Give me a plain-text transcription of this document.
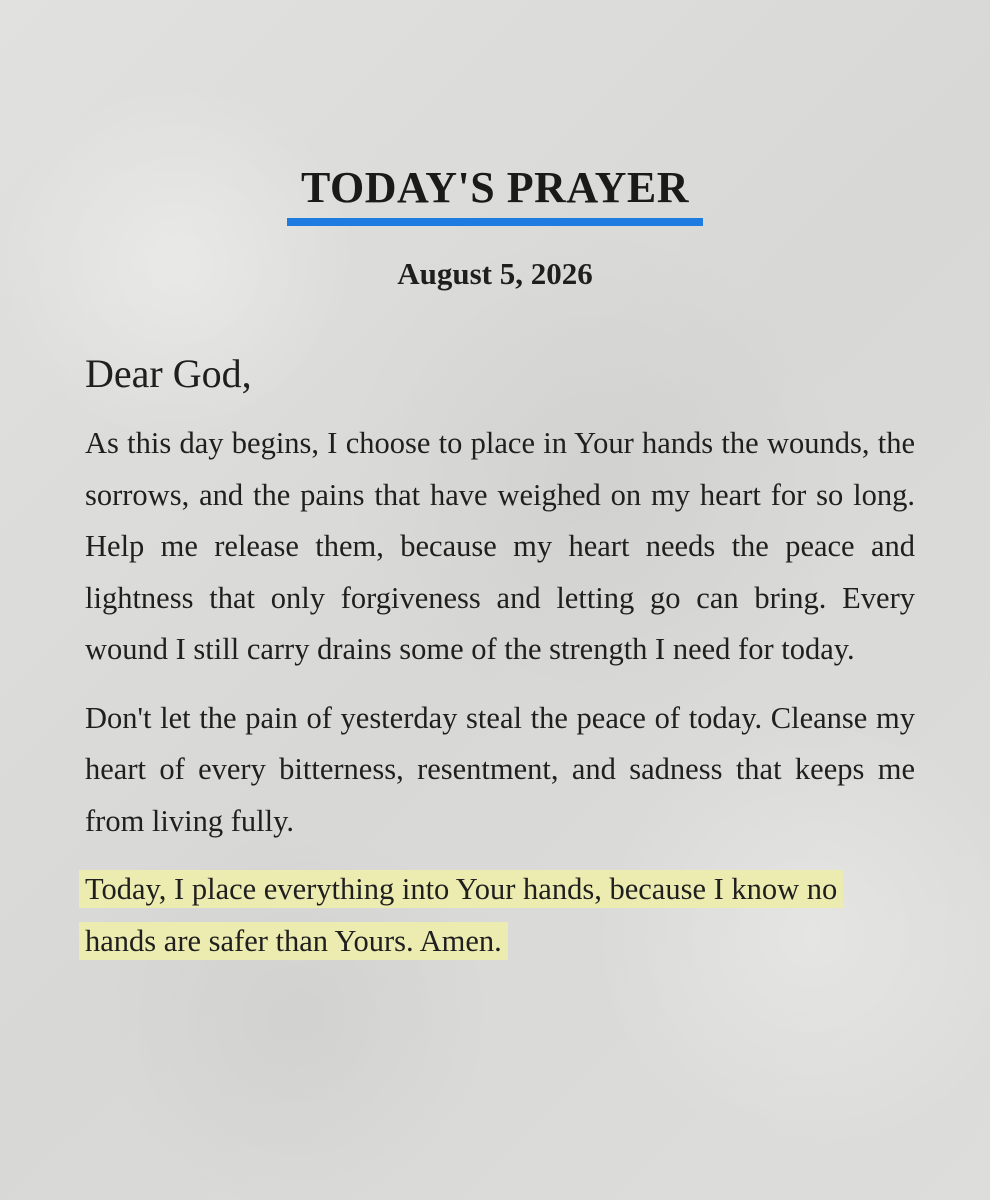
TODAY'S PRAYER
August 5, 2026

Dear God,

As this day begins, I choose to place in Your hands the wounds, the sorrows, and the pains that have weighed on my heart for so long. Help me release them, because my heart needs the peace and lightness that only forgiveness and letting go can bring. Every wound I still carry drains some of the strength I need for today.

Don't let the pain of yesterday steal the peace of today. Cleanse my heart of every bitterness, resentment, and sadness that keeps me from living fully.

Today, I place everything into Your hands, because I know no hands are safer than Yours. Amen.
